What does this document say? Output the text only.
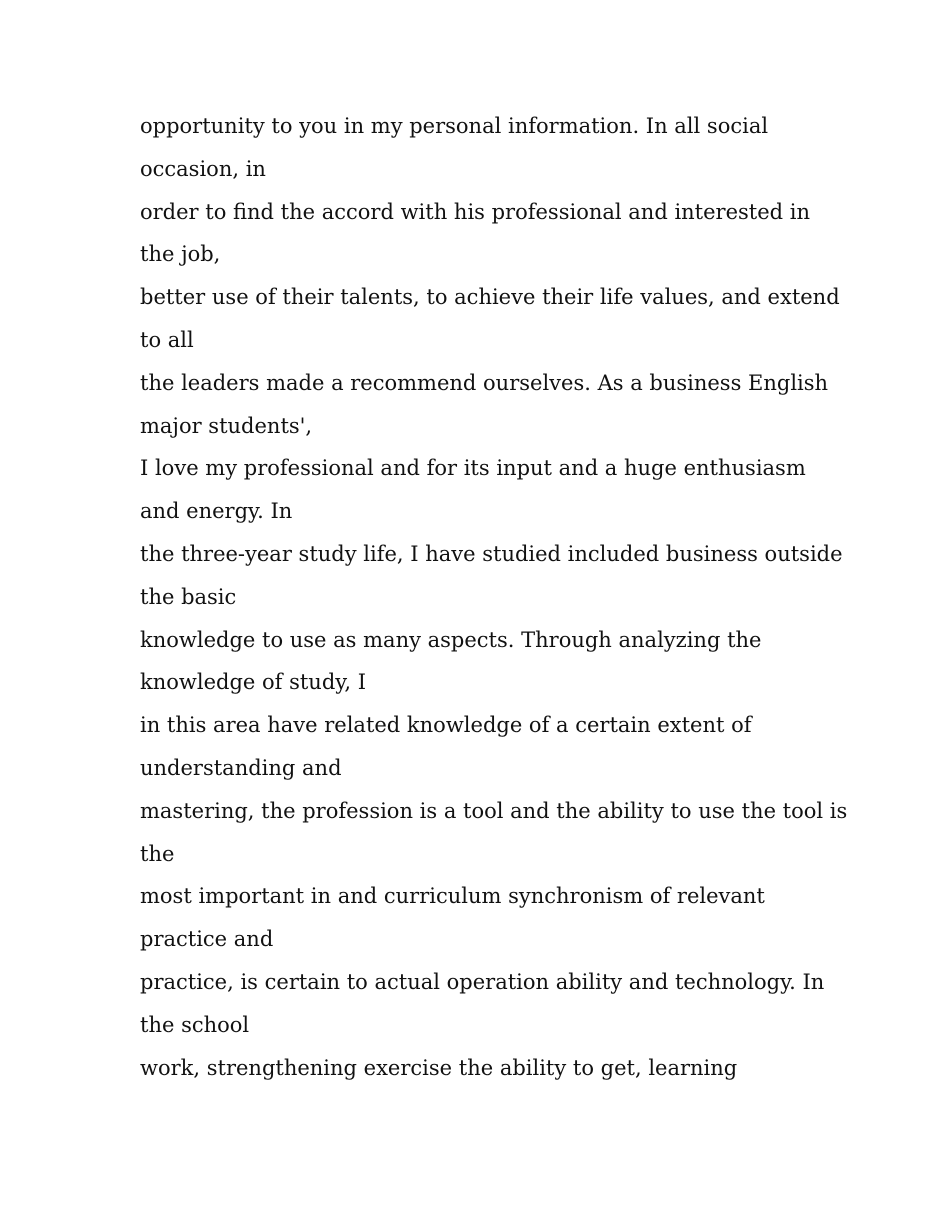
opportunity to you in my personal information. In all social
occasion, in
order to find the accord with his professional and interested in
the job,
better use of their talents, to achieve their life values, and extend
to all
the leaders made a recommend ourselves. As a business English
major students',
I love my professional and for its input and a huge enthusiasm
and energy. In
the three-year study life, I have studied included business outside
the basic
knowledge to use as many aspects. Through analyzing the
knowledge of study, I
in this area have related knowledge of a certain extent of
understanding and
mastering, the profession is a tool and the ability to use the tool is
the
most important in and curriculum synchronism of relevant
practice and
practice, is certain to actual operation ability and technology. In
the school
work, strengthening exercise the ability to get, learning
